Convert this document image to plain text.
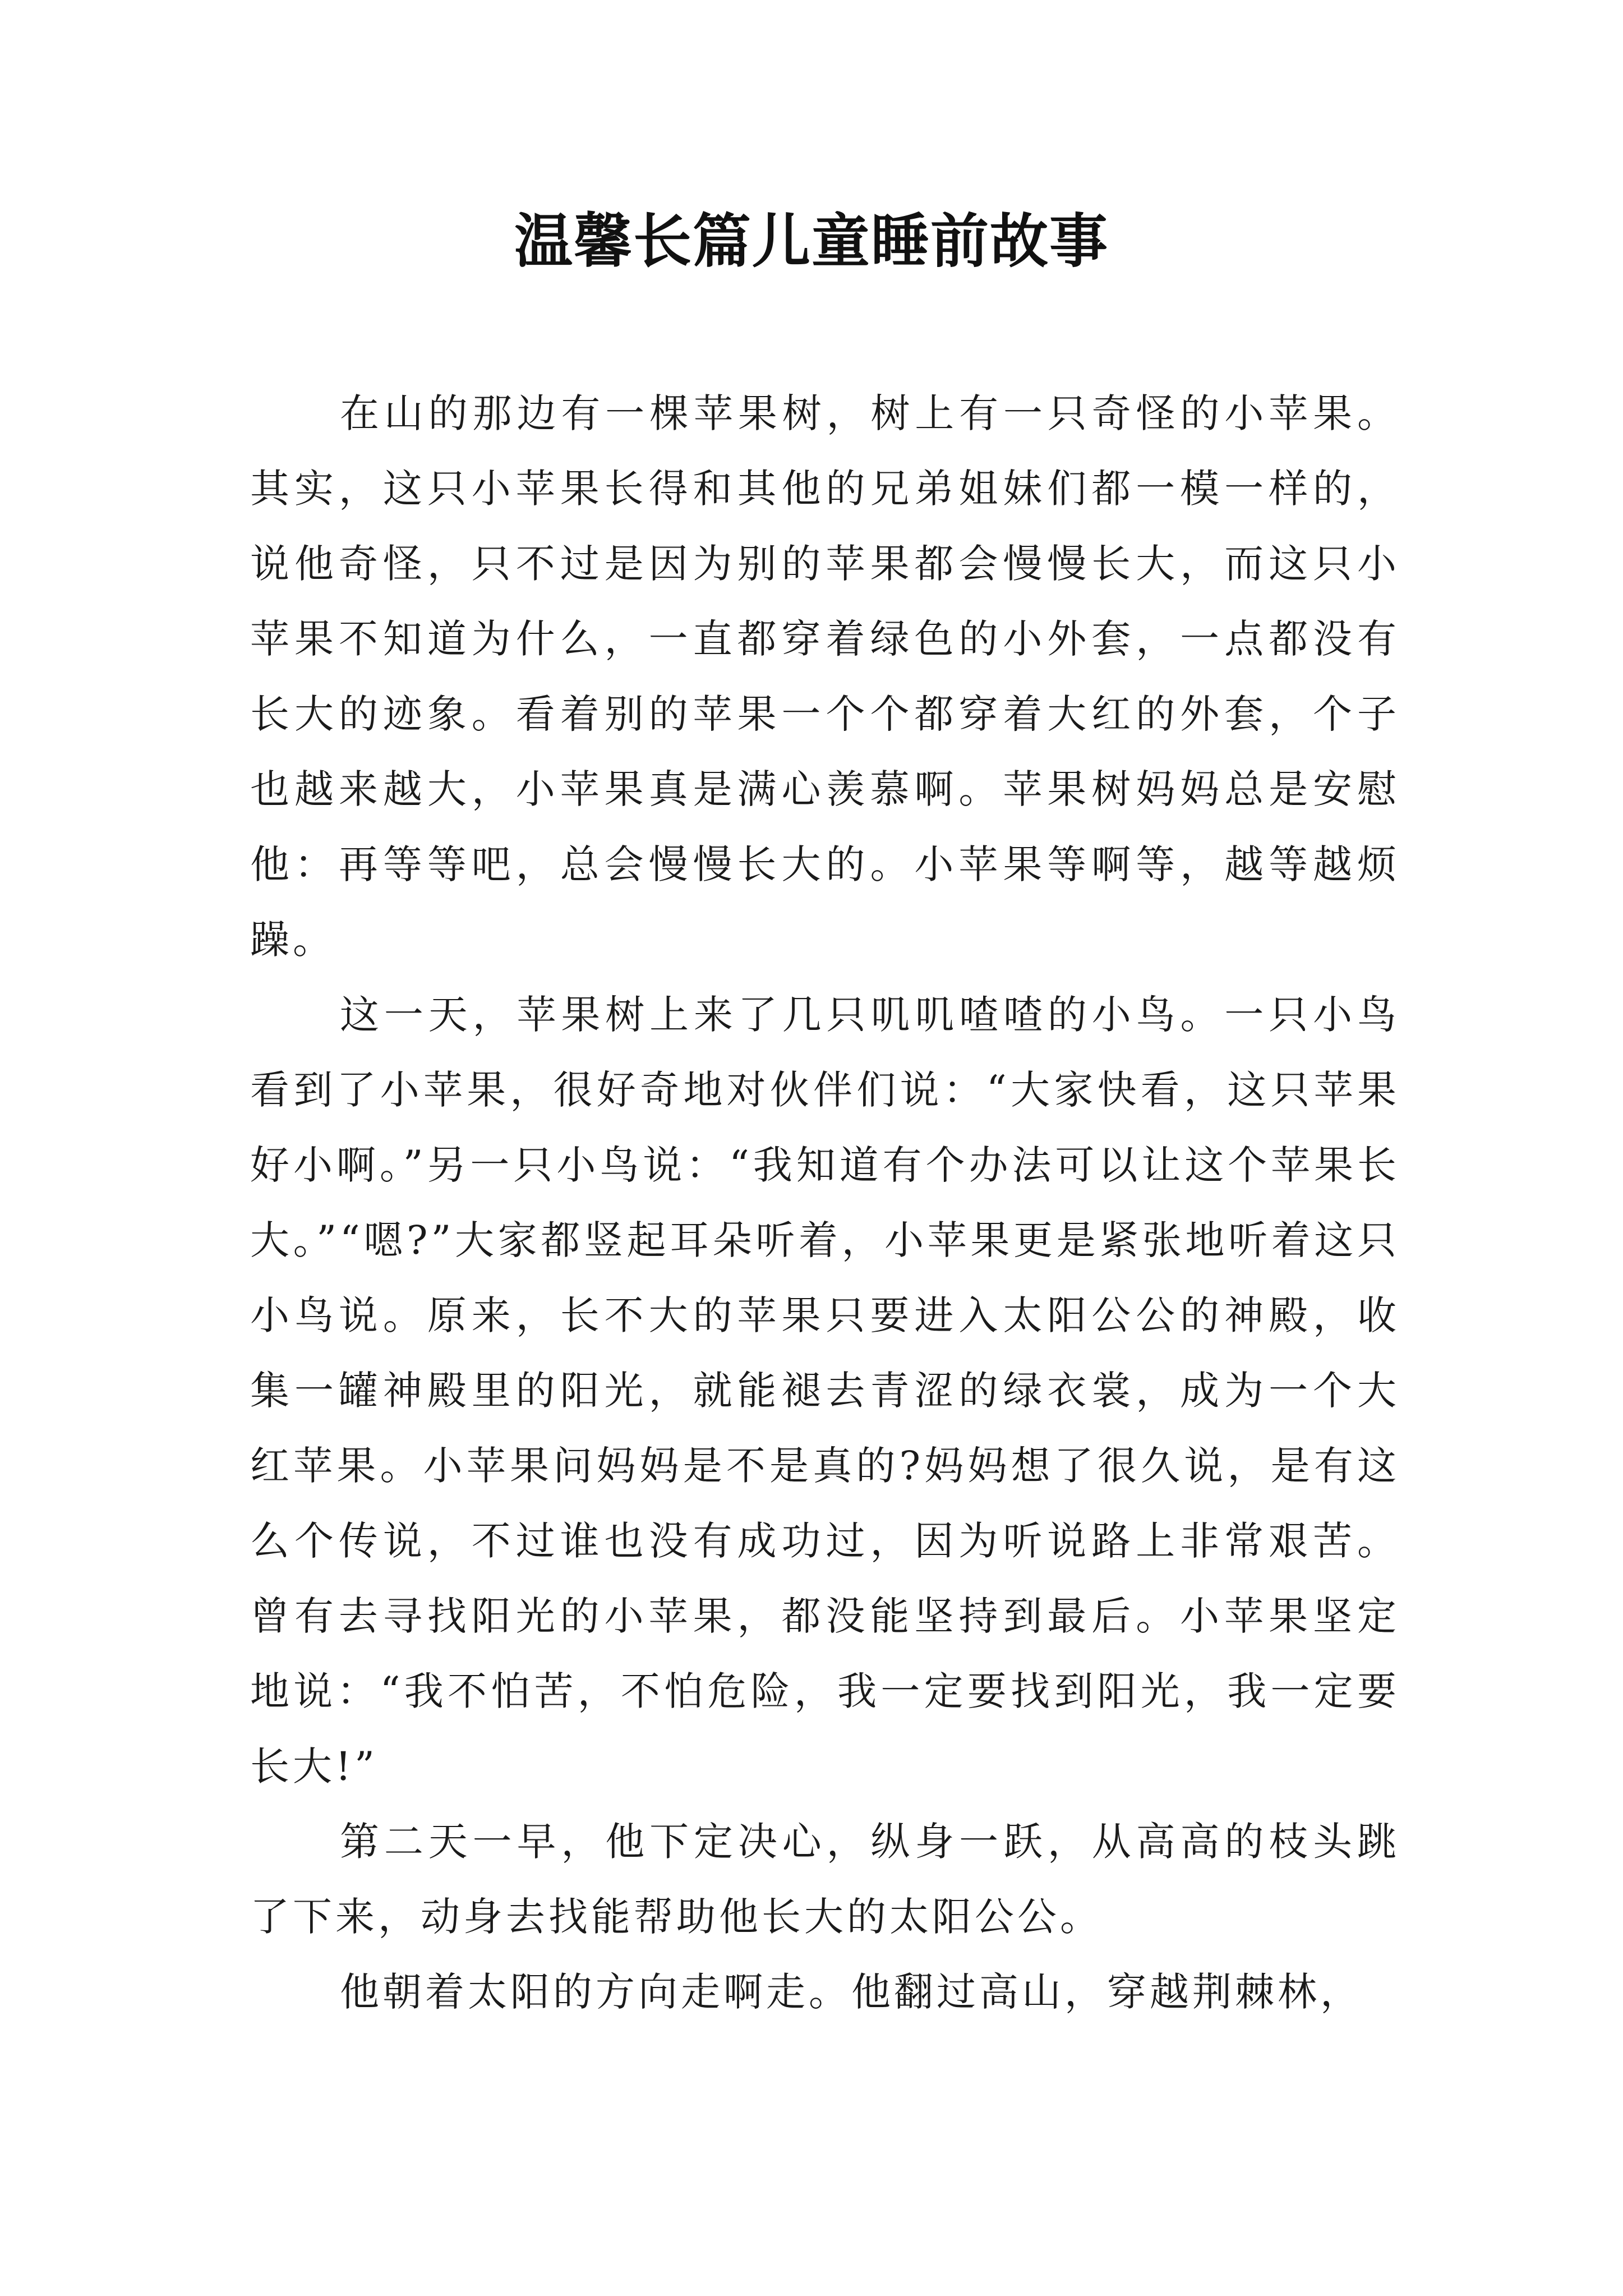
温馨长篇儿童睡前故事

在山的那边有一棵苹果树，树上有一只奇怪的小苹果。其实，这只小苹果长得和其他的兄弟姐妹们都一模一样的，说他奇怪，只不过是因为别的苹果都会慢慢长大，而这只小苹果不知道为什么，一直都穿着绿色的小外套，一点都没有长大的迹象。看着别的苹果一个个都穿着大红的外套，个子也越来越大，小苹果真是满心羡慕啊。苹果树妈妈总是安慰他：再等等吧，总会慢慢长大的。小苹果等啊等，越等越烦躁。

这一天，苹果树上来了几只叽叽喳喳的小鸟。一只小鸟看到了小苹果，很好奇地对伙伴们说：“大家快看，这只苹果好小啊。”另一只小鸟说：“我知道有个办法可以让这个苹果长大。”“嗯?”大家都竖起耳朵听着，小苹果更是紧张地听着这只小鸟说。原来，长不大的苹果只要进入太阳公公的神殿，收集一罐神殿里的阳光，就能褪去青涩的绿衣裳，成为一个大红苹果。小苹果问妈妈是不是真的?妈妈想了很久说，是有这么个传说，不过谁也没有成功过，因为听说路上非常艰苦。曾有去寻找阳光的小苹果，都没能坚持到最后。小苹果坚定地说：“我不怕苦，不怕危险，我一定要找到阳光，我一定要长大!”

第二天一早，他下定决心，纵身一跃，从高高的枝头跳了下来，动身去找能帮助他长大的太阳公公。

他朝着太阳的方向走啊走。他翻过高山，穿越荆棘林，
